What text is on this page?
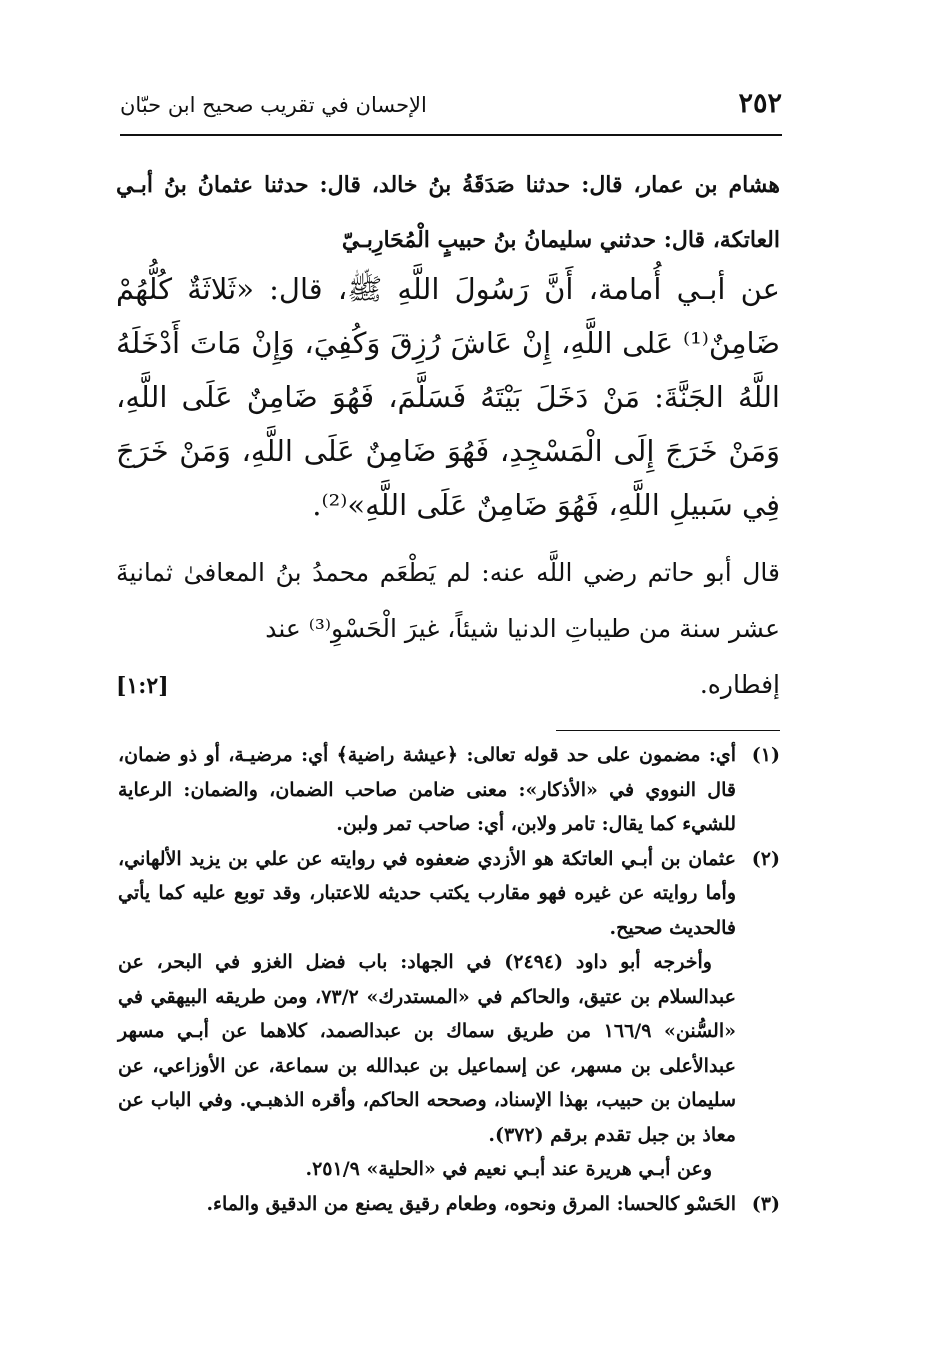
٢٥٢
الإحسان في تقريب صحيح ابن حبّان
هشام بن عمار، قال: حدثنا صَدَقَةُ بنُ خالد، قال: حدثنا عثمانُ بنُ أبـي العاتكة، قال: حدثني سليمانُ بنُ حبيبٍ الْمُحَارِبـيّ
عن أبـي أُمامة، أَنَّ رَسُولَ اللَّهِ ﷺ، قال: «ثَلاثَةٌ كُلُّهُمْ ضَامِنٌ⁽¹⁾ عَلى اللَّهِ، إِنْ عَاشَ رُزِقَ وَكُفِيَ، وَإِنْ مَاتَ أَدْخَلَهُ اللَّهُ الجَنَّةَ: مَنْ دَخَلَ بَيْتَهُ فَسَلَّمَ، فَهُوَ ضَامِنٌ عَلَى اللَّهِ، وَمَنْ خَرَجَ إِلَى الْمَسْجِدِ، فَهُوَ ضَامِنٌ عَلَى اللَّهِ، وَمَنْ خَرَجَ فِي سَبيلِ اللَّهِ، فَهُوَ ضَامِنٌ عَلَى اللَّهِ»⁽²⁾.
قال أبو حاتم رضي اللَّه عنه: لم يَطْعَم محمدُ بنُ المعافىٰ ثمانيةَ عشر سنة من طيباتِ الدنيا شيئاً، غيرَ الْحَسْوِ⁽³⁾ عند
إفطاره.
[١:٢]
(١)

أي: مضمون على حد قوله تعالى: ﴿عيشة راضية﴾ أي: مرضيـة، أو ذو ضمان، قال النووي في «الأذكار»: معنى ضامن صاحب الضمان، والضمان: الرعاية للشيء كما يقال: تامر ولابن، أي: صاحب تمر ولبن.

(٢)

عثمان بن أبـي العاتكة هو الأزدي ضعفوه في روايته عن علي بن يزيد الألهاني، وأما روايته عن غيره فهو مقارب يكتب حديثه للاعتبار، وقد توبع عليه كما يأتي فالحديث صحيح.

وأخرجه أبو داود (٢٤٩٤) في الجهاد: باب فضل الغزو في البحر، عن عبدالسلام بن عتيق، والحاكم في «المستدرك» ٧٣/٢، ومن طريقه البيهقي في «السُّنن» ١٦٦/٩ من طريق سماك بن عبدالصمد، كلاهما عن أبـي مسهر عبدالأعلى بن مسهر، عن إسماعيل بن عبدالله بن سماعة، عن الأوزاعي، عن سليمان بن حبيب، بهذا الإسناد، وصححه الحاكم، وأقره الذهبـي. وفي الباب عن معاذ بن جبل تقدم برقم (٣٧٢).

وعن أبـي هريرة عند أبـي نعيم في «الحلية» ٢٥١/٩.

(٣)

الحَسْو كالحسا: المرق ونحوه، وطعام رقيق يصنع من الدقيق والماء.
